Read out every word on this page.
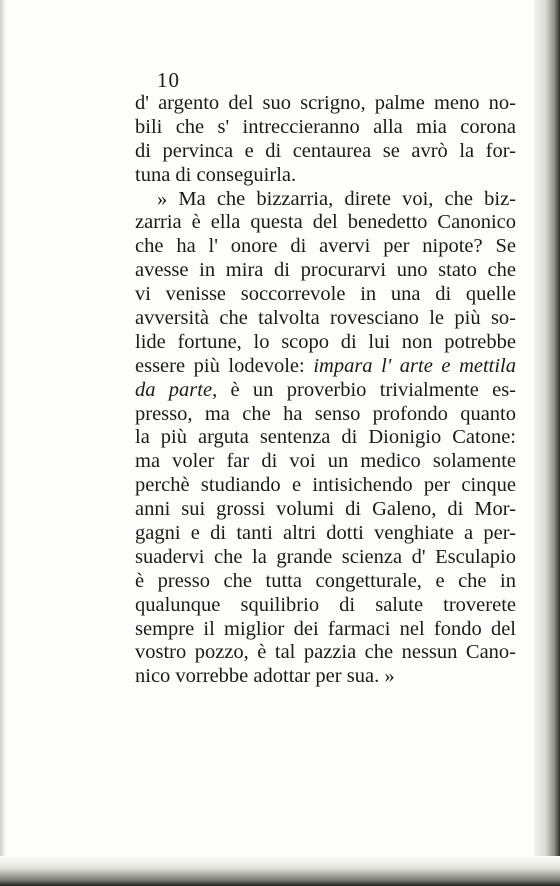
10
d' argento del suo scrigno, palme meno no-
bili che s' intreccieranno alla mia corona
di pervinca e di centaurea se avrò la for-
tuna di conseguirla.
» Ma che bizzarria, direte voi, che biz-
zarria è ella questa del benedetto Canonico
che ha l' onore di avervi per nipote? Se
avesse in mira di procurarvi uno stato che
vi venisse soccorrevole in una di quelle
avversità che talvolta rovesciano le più so-
lide fortune, lo scopo di lui non potrebbe
essere più lodevole: impara l' arte e mettila
da parte, è un proverbio trivialmente es-
presso, ma che ha senso profondo quanto
la più arguta sentenza di Dionigio Catone:
ma voler far di voi un medico solamente
perchè studiando e intisichendo per cinque
anni sui grossi volumi di Galeno, di Mor-
gagni e di tanti altri dotti venghiate a per-
suadervi che la grande scienza d' Esculapio
è presso che tutta congetturale, e che in
qualunque squilibrio di salute troverete
sempre il miglior dei farmaci nel fondo del
vostro pozzo, è tal pazzia che nessun Cano-
nico vorrebbe adottar per sua. »
